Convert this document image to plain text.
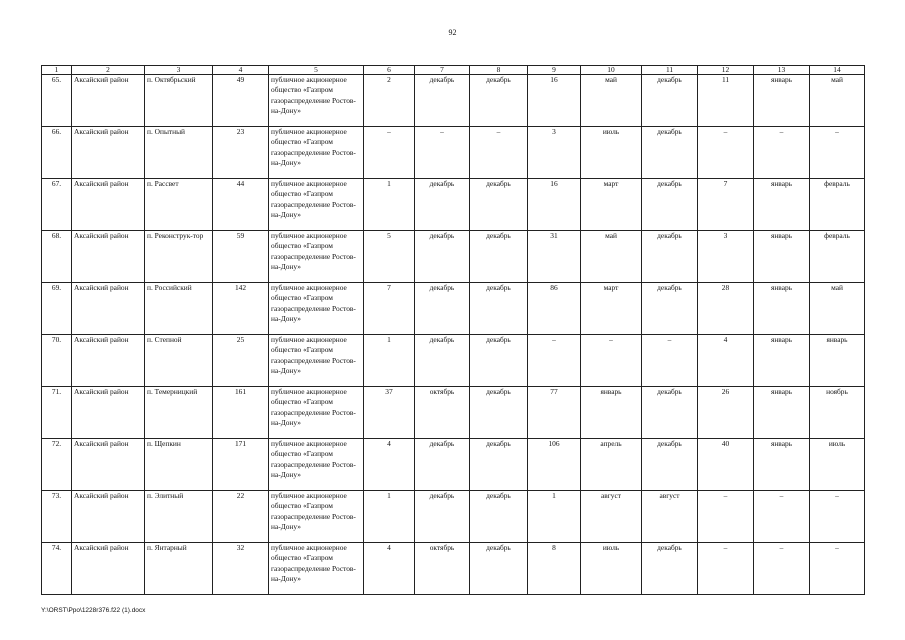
92
1	2	3	4	5	6	7	8	9	10	11	12	13	14
65.	Аксайский район	п. Октябрьский	49	публичное акционерное общество «Газпром газораспределение Ростов-на-Дону»	2	декабрь	декабрь	16	май	декабрь	11	январь	май
66.	Аксайский район	п. Опытный	23	публичное акционерное общество «Газпром газораспределение Ростов-на-Дону»	–	–	–	3	июль	декабрь	–	–	–
67.	Аксайский район	п. Рассвет	44	публичное акционерное общество «Газпром газораспределение Ростов-на-Дону»	1	декабрь	декабрь	16	март	декабрь	7	январь	февраль
68.	Аксайский район	п. Реконструк-тор	59	публичное акционерное общество «Газпром газораспределение Ростов-на-Дону»	5	декабрь	декабрь	31	май	декабрь	3	январь	февраль
69.	Аксайский район	п. Российский	142	публичное акционерное общество «Газпром газораспределение Ростов-на-Дону»	7	декабрь	декабрь	86	март	декабрь	28	январь	май
70.	Аксайский район	п. Степной	25	публичное акционерное общество «Газпром газораспределение Ростов-на-Дону»	1	декабрь	декабрь	–	–	–	4	январь	январь
71.	Аксайский район	п. Темерницкий	161	публичное акционерное общество «Газпром газораспределение Ростов-на-Дону»	37	октябрь	декабрь	77	январь	декабрь	26	январь	ноябрь
72.	Аксайский район	п. Щепкин	171	публичное акционерное общество «Газпром газораспределение Ростов-на-Дону»	4	декабрь	декабрь	106	апрель	декабрь	40	январь	июль
73.	Аксайский район	п. Элитный	22	публичное акционерное общество «Газпром газораспределение Ростов-на-Дону»	1	декабрь	декабрь	1	август	август	–	–	–
74.	Аксайский район	п. Янтарный	32	публичное акционерное общество «Газпром газораспределение Ростов-на-Дону»	4	октябрь	декабрь	8	июль	декабрь	–	–	–
Y:\ORST\Ppo\1228r376.f22 (1).docx
